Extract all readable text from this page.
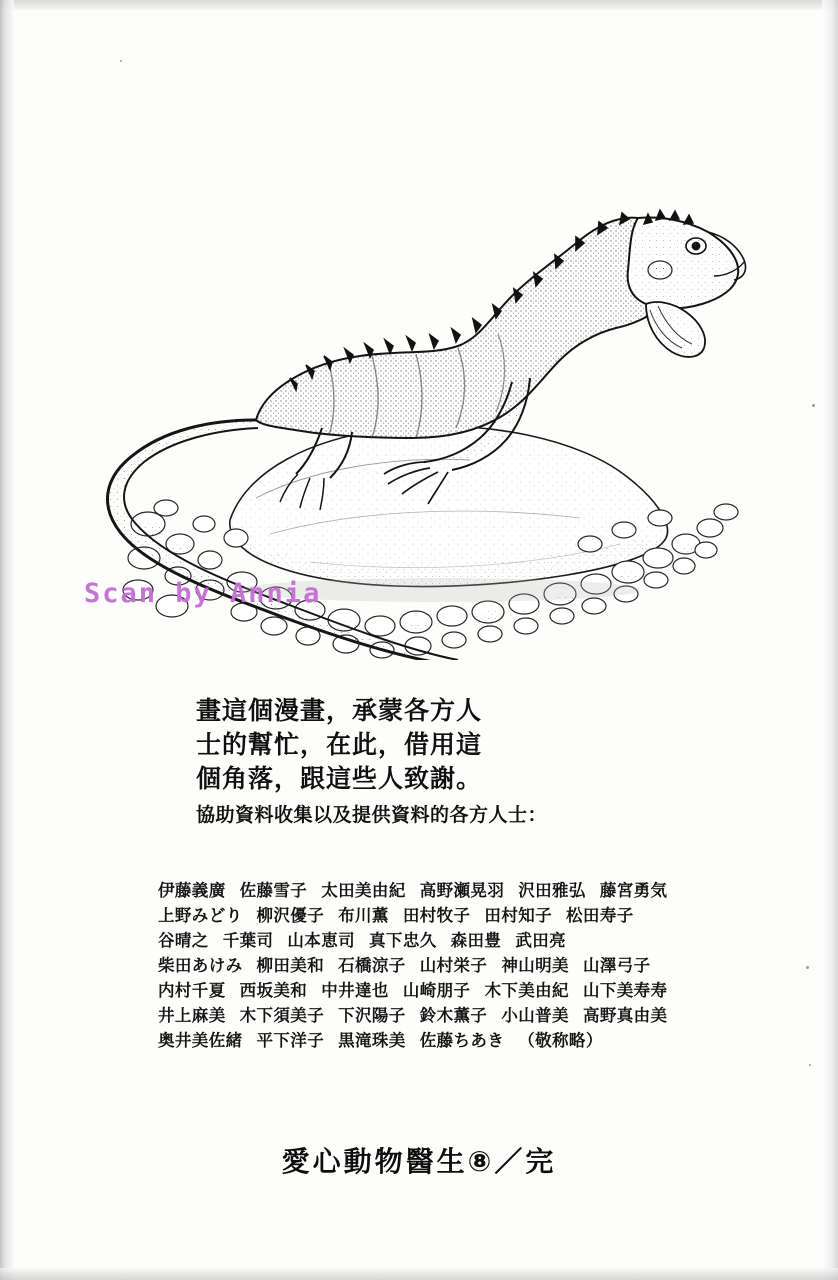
Scan by Annia
畫這個漫畫，承蒙各方人
士的幫忙，在此，借用這
個角落，跟這些人致謝。
協助資料收集以及提供資料的各方人士：
伊藤義廣 佐藤雪子 太田美由紀 高野瀬晃羽 沢田雅弘 藤宮勇気
上野みどり 柳沢優子 布川薫 田村牧子 田村知子 松田寿子
谷晴之 千葉司 山本恵司 真下忠久 森田豊 武田亮
柴田あけみ 柳田美和 石橋涼子 山村栄子 神山明美 山澤弓子
内村千夏 西坂美和 中井達也 山崎朋子 木下美由紀 山下美寿寿
井上麻美 木下須美子 下沢陽子 鈴木薫子 小山普美 高野真由美
奥井美佐緒 平下洋子 黒滝珠美 佐藤ちあき （敬称略）
愛心動物醫生⑧／完
